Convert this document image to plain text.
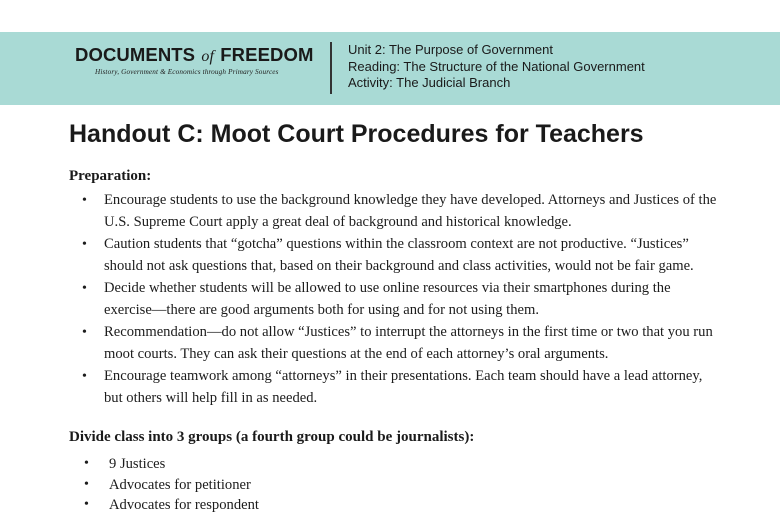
DOCUMENTS of FREEDOM
History, Government & Economics through Primary Sources
Unit 2: The Purpose of Government
Reading: The Structure of the National Government
Activity: The Judicial Branch
Handout C: Moot Court Procedures for Teachers
Preparation:
• Encourage students to use the background knowledge they have developed. Attorneys and Justices of the U.S. Supreme Court apply a great deal of background and historical knowledge.
• Caution students that “gotcha” questions within the classroom context are not productive. “Justices” should not ask questions that, based on their background and class activities, would not be fair game.
• Decide whether students will be allowed to use online resources via their smartphones during the exercise—there are good arguments both for using and for not using them.
• Recommendation—do not allow “Justices” to interrupt the attorneys in the first time or two that you run moot courts. They can ask their questions at the end of each attorney’s oral arguments.
• Encourage teamwork among “attorneys” in their presentations. Each team should have a lead attorney, but others will help fill in as needed.
Divide class into 3 groups (a fourth group could be journalists):
• 9 Justices
• Advocates for petitioner
• Advocates for respondent
